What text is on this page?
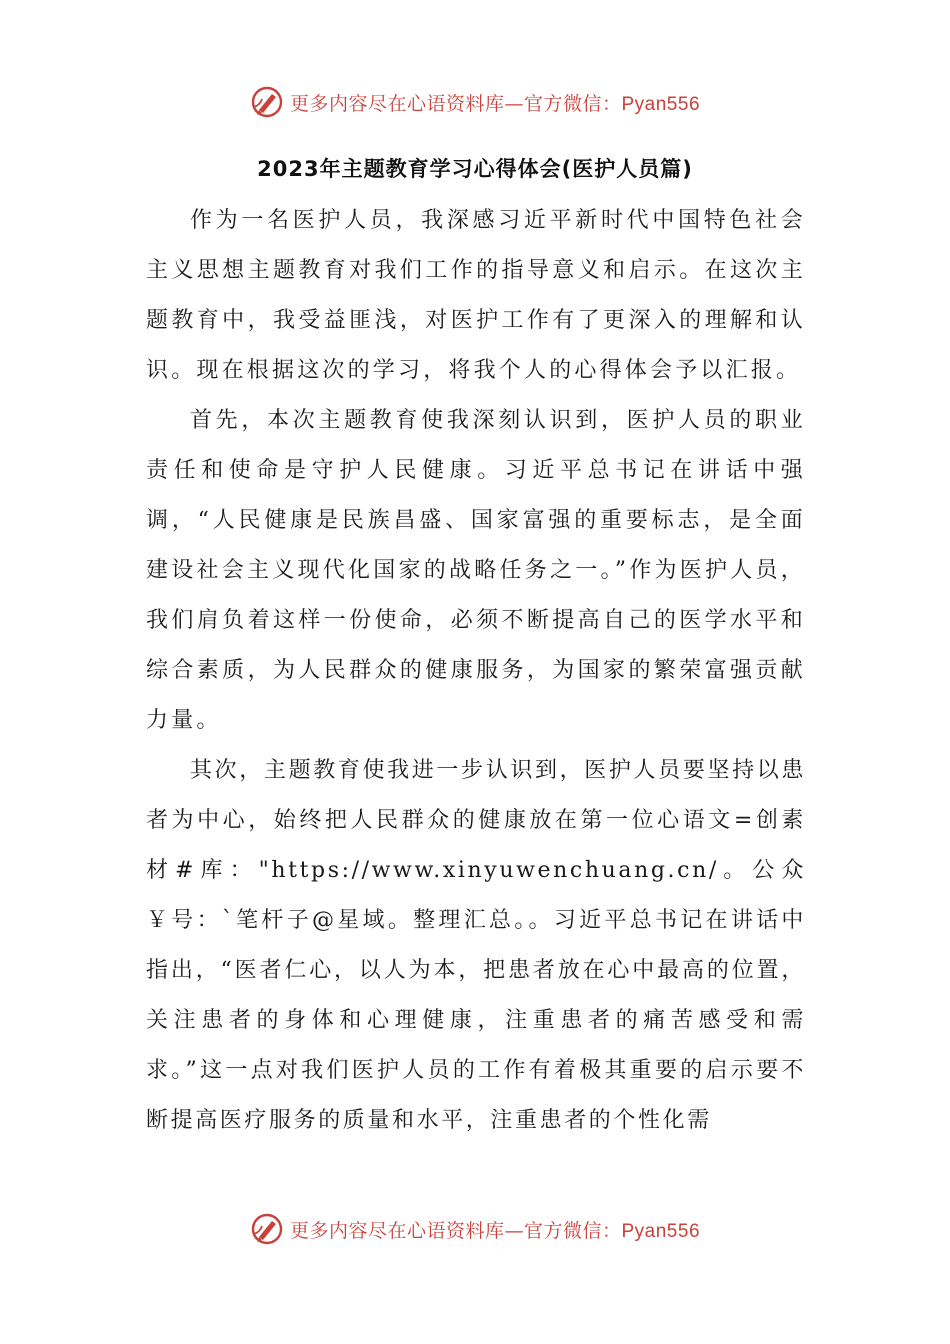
更多内容尽在心语资料库—官方微信：Pyan556
2023年主题教育学习心得体会(医护人员篇)

作为一名医护人员，我深感习近平新时代中国特色社会主义思想主题教育对我们工作的指导意义和启示。在这次主题教育中，我受益匪浅，对医护工作有了更深入的理解和认识。现在根据这次的学习，将我个人的心得体会予以汇报。

首先，本次主题教育使我深刻认识到，医护人员的职业责任和使命是守护人民健康。习近平总书记在讲话中强调，“人民健康是民族昌盛、国家富强的重要标志，是全面建设社会主义现代化国家的战略任务之一。”作为医护人员，我们肩负着这样一份使命，必须不断提高自己的医学水平和综合素质，为人民群众的健康服务，为国家的繁荣富强贡献力量。

其次，主题教育使我进一步认识到，医护人员要坚持以患者为中心，始终把人民群众的健康放在第一位心语文=创素材#库："https://www.xinyuwenchuang.cn/。公众￥号：`笔杆子@星域。整理汇总。。习近平总书记在讲话中指出，“医者仁心，以人为本，把患者放在心中最高的位置，关注患者的身体和心理健康，注重患者的痛苦感受和需求。”这一点对我们医护人员的工作有着极其重要的启示要不断提高医疗服务的质量和水平，注重患者的个性化需

更多内容尽在心语资料库—官方微信：Pyan556
